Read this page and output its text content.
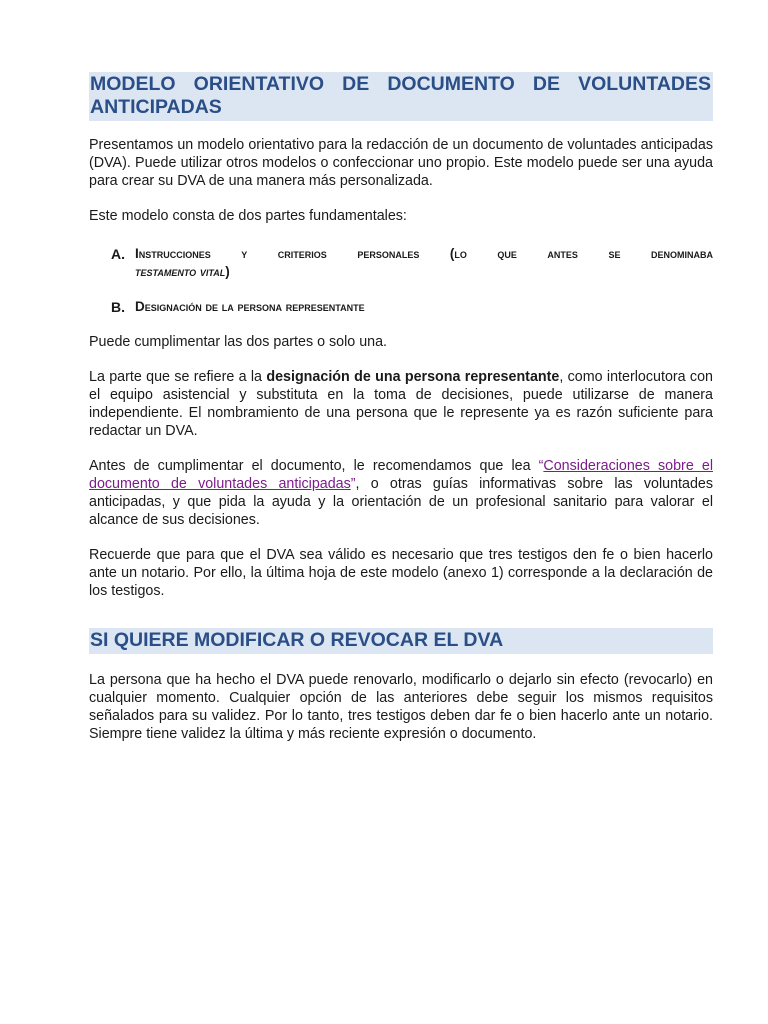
MODELO ORIENTATIVO DE DOCUMENTO DE VOLUNTADES
ANTICIPADAS

Presentamos un modelo orientativo para la redacción de un documento de voluntades anticipadas (DVA). Puede utilizar otros modelos o confeccionar uno propio. Este modelo puede ser una ayuda para crear su DVA de una manera más personalizada.

Este modelo consta de dos partes fundamentales:

A. Instrucciones y criterios personales (lo que antes se denominaba
testamento vital)
B. Designación de la persona representante

Puede cumplimentar las dos partes o solo una.

La parte que se refiere a la designación de una persona representante, como interlocutora con el equipo asistencial y substituta en la toma de decisiones, puede utilizarse de manera independiente. El nombramiento de una persona que le represente ya es razón suficiente para redactar un DVA.

Antes de cumplimentar el documento, le recomendamos que lea “Consideraciones sobre el documento de voluntades anticipadas”, o otras guías informativas sobre las voluntades anticipadas, y que pida la ayuda y la orientación de un profesional sanitario para valorar el alcance de sus decisiones.

Recuerde que para que el DVA sea válido es necesario que tres testigos den fe o bien hacerlo ante un notario. Por ello, la última hoja de este modelo (anexo 1) corresponde a la declaración de los testigos.

SI QUIERE MODIFICAR O REVOCAR EL DVA

La persona que ha hecho el DVA puede renovarlo, modificarlo o dejarlo sin efecto (revocarlo) en cualquier momento. Cualquier opción de las anteriores debe seguir los mismos requisitos señalados para su validez. Por lo tanto, tres testigos deben dar fe o bien hacerlo ante un notario. Siempre tiene validez la última y más reciente expresión o documento.
